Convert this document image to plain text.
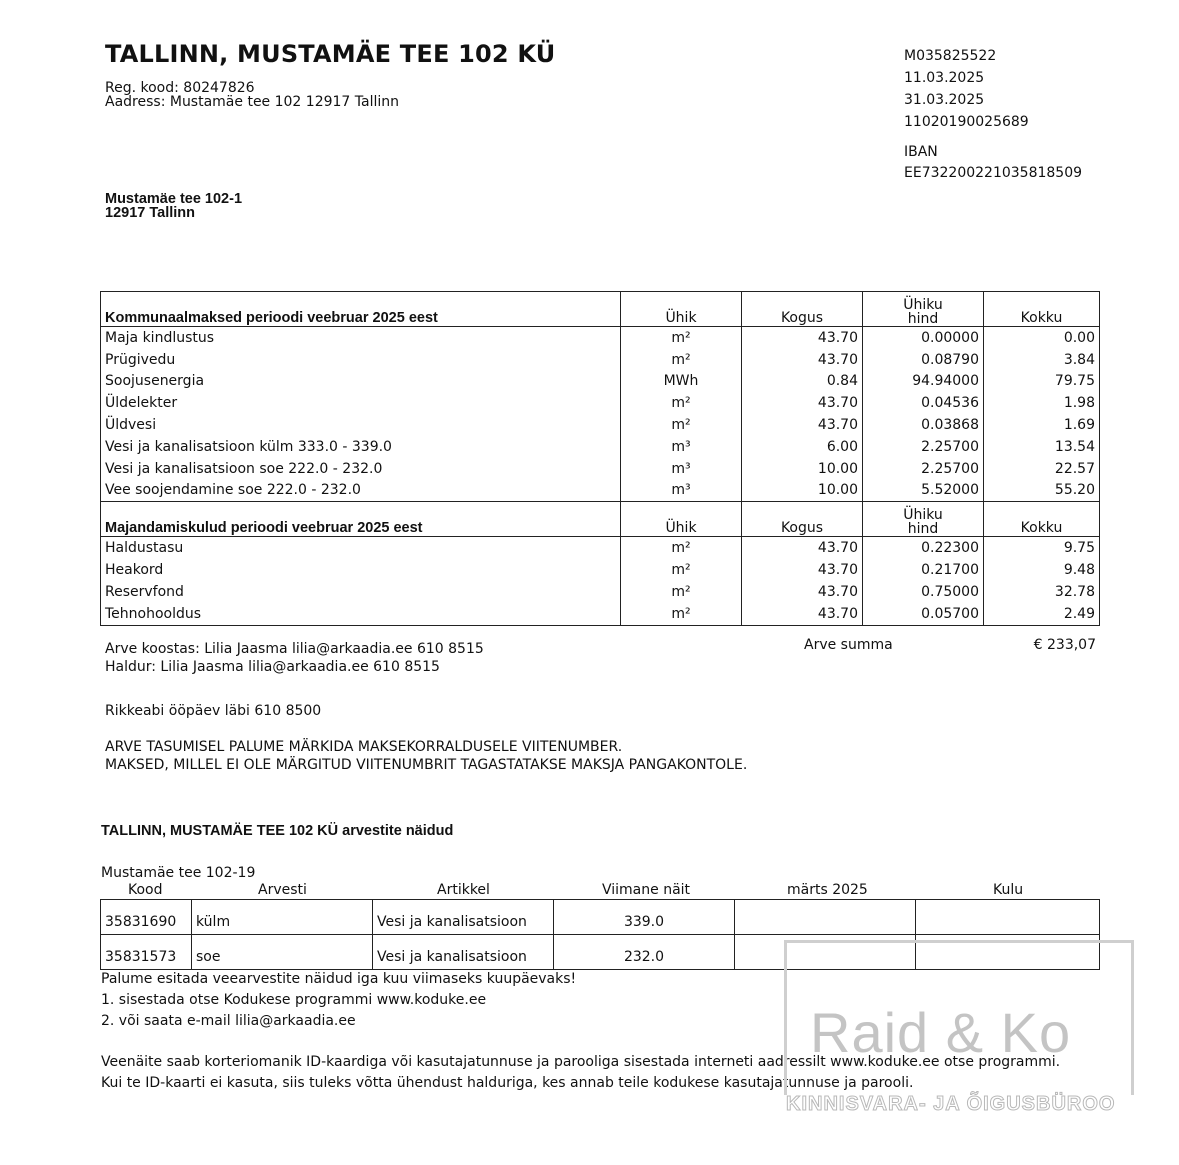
TALLINN, MUSTAMÄE TEE 102 KÜ
Reg. kood: 80247826
Aadress: Mustamäe tee 102 12917 Tallinn
M035825522
11.03.2025
31.03.2025
11020190025689
IBAN
EE732200221035818509
Mustamäe tee 102-1
12917 Tallinn
Kommunaalmaksed perioodi veebruar 2025 eest	Ühik	Kogus	Ühiku
hind	Kokku
Maja kindlustus	m²	43.70	0.00000	0.00
Prügivedu	m²	43.70	0.08790	3.84
Soojusenergia	MWh	0.84	94.94000	79.75
Üldelekter	m²	43.70	0.04536	1.98
Üldvesi	m²	43.70	0.03868	1.69
Vesi ja kanalisatsioon külm 333.0 - 339.0	m³	6.00	2.25700	13.54
Vesi ja kanalisatsioon soe 222.0 - 232.0	m³	10.00	2.25700	22.57
Vee soojendamine soe 222.0 - 232.0	m³	10.00	5.52000	55.20
Majandamiskulud perioodi veebruar 2025 eest	Ühik	Kogus	Ühiku
hind	Kokku
Haldustasu	m²	43.70	0.22300	9.75
Heakord	m²	43.70	0.21700	9.48
Reservfond	m²	43.70	0.75000	32.78
Tehnohooldus	m²	43.70	0.05700	2.49
Arve koostas: Lilia Jaasma lilia@arkaadia.ee 610 8515
Haldur: Lilia Jaasma lilia@arkaadia.ee 610 8515
Arve summa	€ 233,07
Rikkeabi ööpäev läbi 610 8500
ARVE TASUMISEL PALUME MÄRKIDA MAKSEKORRALDUSELE VIITENUMBER.
MAKSED, MILLEL EI OLE MÄRGITUD VIITENUMBRIT TAGASTATAKSE MAKSJA PANGAKONTOLE.
TALLINN, MUSTAMÄE TEE 102 KÜ arvestite näidud
Mustamäe tee 102-19
Kood	Arvesti	Artikkel	Viimane näit	märts 2025	Kulu
35831690	külm	Vesi ja kanalisatsioon	339.0		
35831573	soe	Vesi ja kanalisatsioon	232.0		
Palume esitada veearvestite näidud iga kuu viimaseks kuupäevaks!
1. sisestada otse Kodukese programmi www.koduke.ee
2. või saata e-mail lilia@arkaadia.ee
Veenäite saab korteriomanik ID-kaardiga või kasutajatunnuse ja parooliga sisestada interneti aadressilt www.koduke.ee otse programmi.
Kui te ID-kaarti ei kasuta, siis tuleks võtta ühendust halduriga, kes annab teile kodukese kasutajatunnuse ja parooli.
Raid & Ko
KINNISVARA- JA ÕIGUSBÜROO
